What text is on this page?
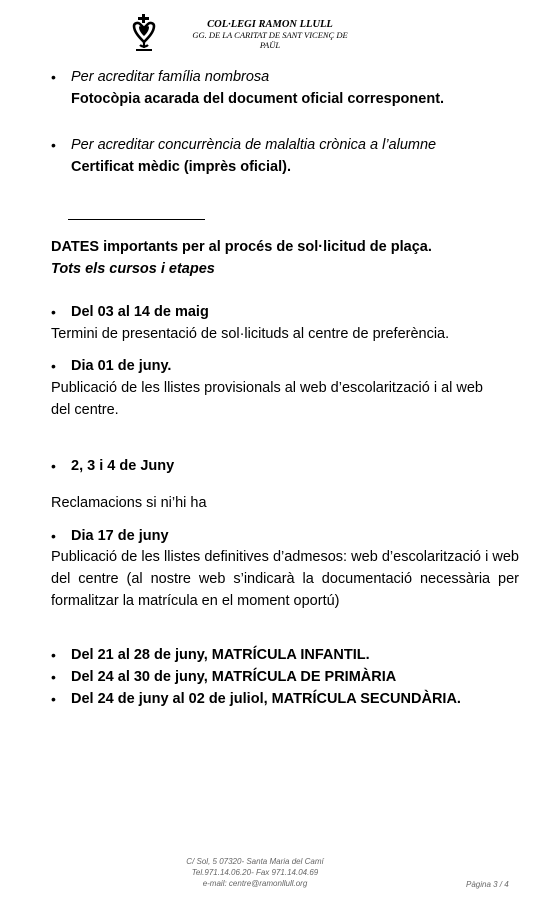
COL·LEGI RAMON LLULL
GG. DE LA CARITAT DE SANT VICENÇ DE
PAÜL
• Per acreditar família nombrosa
Fotocòpia acarada del document oficial corresponent.
• Per acreditar concurrència de malaltia crònica a l’alumne
Certificat mèdic (imprès oficial).
DATES importants per al procés de sol·licitud de plaça.
Tots els cursos i etapes
• Del 03 al 14 de maig
Termini de presentació de sol·licituds al centre de preferència.
• Dia 01 de juny.
Publicació de les llistes provisionals al web d’escolarització i al web
del centre.
• 2, 3 i 4 de Juny
Reclamacions si ni’hi ha
• Dia 17 de juny
Publicació de les llistes definitives d’admesos: web d’escolarització i web del centre (al nostre web s’indicarà la documentació necessària per formalitzar la matrícula en el moment oportú)
• Del 21 al 28 de juny, MATRÍCULA INFANTIL.
• Del 24 al 30 de juny, MATRÍCULA DE PRIMÀRIA
• Del 24 de juny al 02 de juliol, MATRÍCULA SECUNDÀRIA.
C/ Sol, 5 07320- Santa Maria del Camí
Tel.971.14.06.20- Fax 971.14.04.69
e-mail: centre@ramonllull.org	Pàgina 3 / 4
